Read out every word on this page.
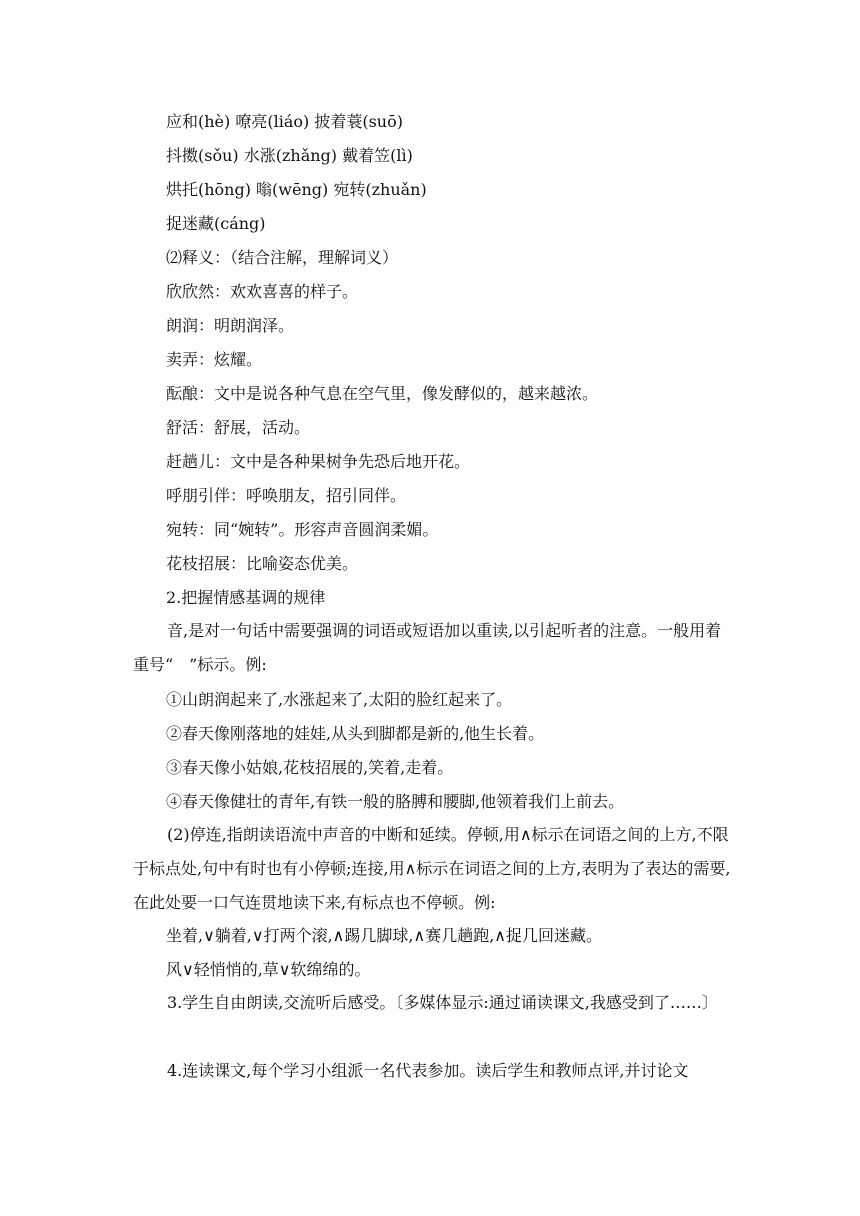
应和(hè) 嘹亮(liáo) 披着蓑(suō)

抖擞(sǒu) 水涨(zhǎng) 戴着笠(lì)

烘托(hōng) 嗡(wēng) 宛转(zhuǎn)

捉迷藏(cáng)

⑵释义：（结合注解，理解词义）

欣欣然：欢欢喜喜的样子。

朗润：明朗润泽。

卖弄：炫耀。

酝酿：文中是说各种气息在空气里，像发酵似的，越来越浓。

舒活：舒展，活动。

赶趟儿：文中是各种果树争先恐后地开花。

呼朋引伴：呼唤朋友，招引同伴。

宛转：同“婉转”。形容声音圆润柔媚。

花枝招展：比喻姿态优美。

2.把握情感基调的规律

音,是对一句话中需要强调的词语或短语加以重读,以引起听者的注意。一般用着重号“　”标示。例:

①山朗润起来了,水涨起来了,太阳的脸红起来了。

②春天像刚落地的娃娃,从头到脚都是新的,他生长着。

③春天像小姑娘,花枝招展的,笑着,走着。

④春天像健壮的青年,有铁一般的胳膊和腰脚,他领着我们上前去。

(2)停连,指朗读语流中声音的中断和延续。停顿,用∧标示在词语之间的上方,不限于标点处,句中有时也有小停顿;连接,用∧标示在词语之间的上方,表明为了表达的需要,在此处要一口气连贯地读下来,有标点也不停顿。例:

坐着,∨躺着,∨打两个滚,∧踢几脚球,∧赛几趟跑,∧捉几回迷藏。

风∨轻悄悄的,草∨软绵绵的。

3.学生自由朗读,交流听后感受。〔多媒体显示:通过诵读课文,我感受到了……〕

4.连读课文,每个学习小组派一名代表参加。读后学生和教师点评,并讨论文
